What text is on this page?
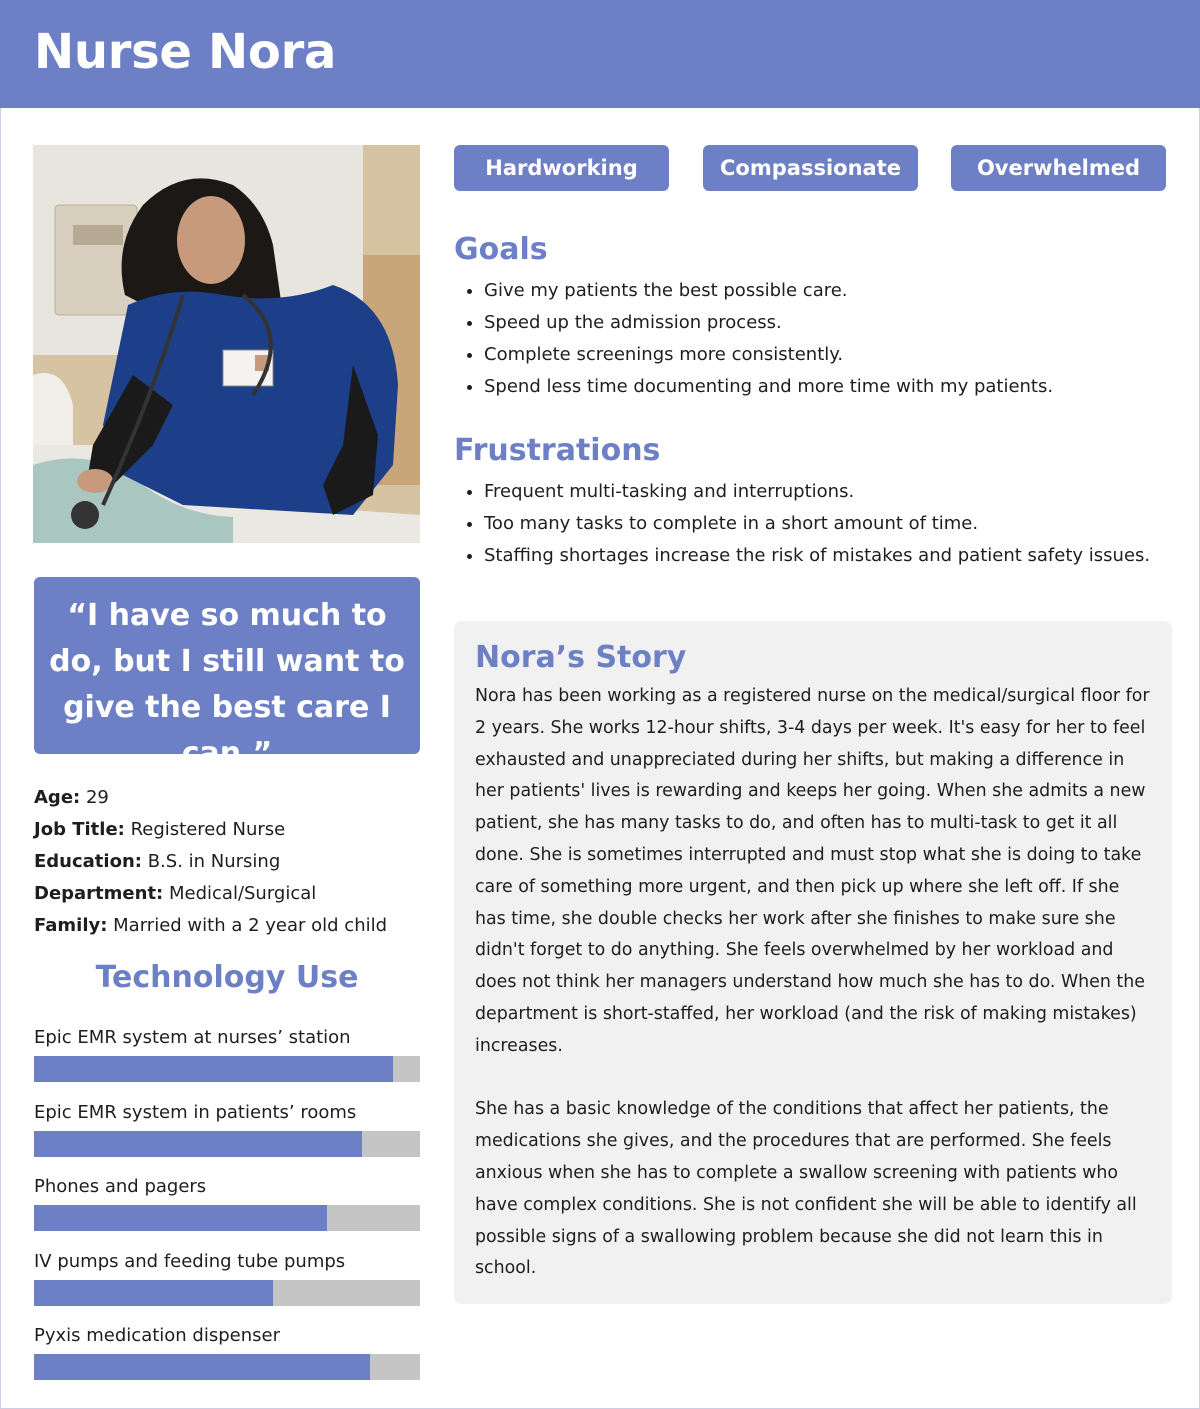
Nurse Nora
“I have so much to do, but I still want to give the best care I can.”
Age: 29
Job Title: Registered Nurse
Education: B.S. in Nursing
Department: Medical/Surgical
Family: Married with a 2 year old child
Technology Use
Epic EMR system at nurses’ station
Epic EMR system in patients’ rooms
Phones and pagers
IV pumps and feeding tube pumps
Pyxis medication dispenser
Hardworking	Compassionate	Overwhelmed
Goals
• Give my patients the best possible care.
• Speed up the admission process.
• Complete screenings more consistently.
• Spend less time documenting and more time with my patients.
Frustrations
• Frequent multi-tasking and interruptions.
• Too many tasks to complete in a short amount of time.
• Staffing shortages increase the risk of mistakes and patient safety issues.
Nora’s Story

Nora has been working as a registered nurse on the medical/surgical floor for 2 years. She works 12-hour shifts, 3-4 days per week. It's easy for her to feel exhausted and unappreciated during her shifts, but making a difference in her patients' lives is rewarding and keeps her going. When she admits a new patient, she has many tasks to do, and often has to multi-task to get it all done. She is sometimes interrupted and must stop what she is doing to take care of something more urgent, and then pick up where she left off. If she has time, she double checks her work after she finishes to make sure she didn't forget to do anything. She feels overwhelmed by her workload and does not think her managers understand how much she has to do. When the department is short-staffed, her workload (and the risk of making mistakes) increases.

She has a basic knowledge of the conditions that affect her patients, the medications she gives, and the procedures that are performed. She feels anxious when she has to complete a swallow screening with patients who have complex conditions. She is not confident she will be able to identify all possible signs of a swallowing problem because she did not learn this in school.
